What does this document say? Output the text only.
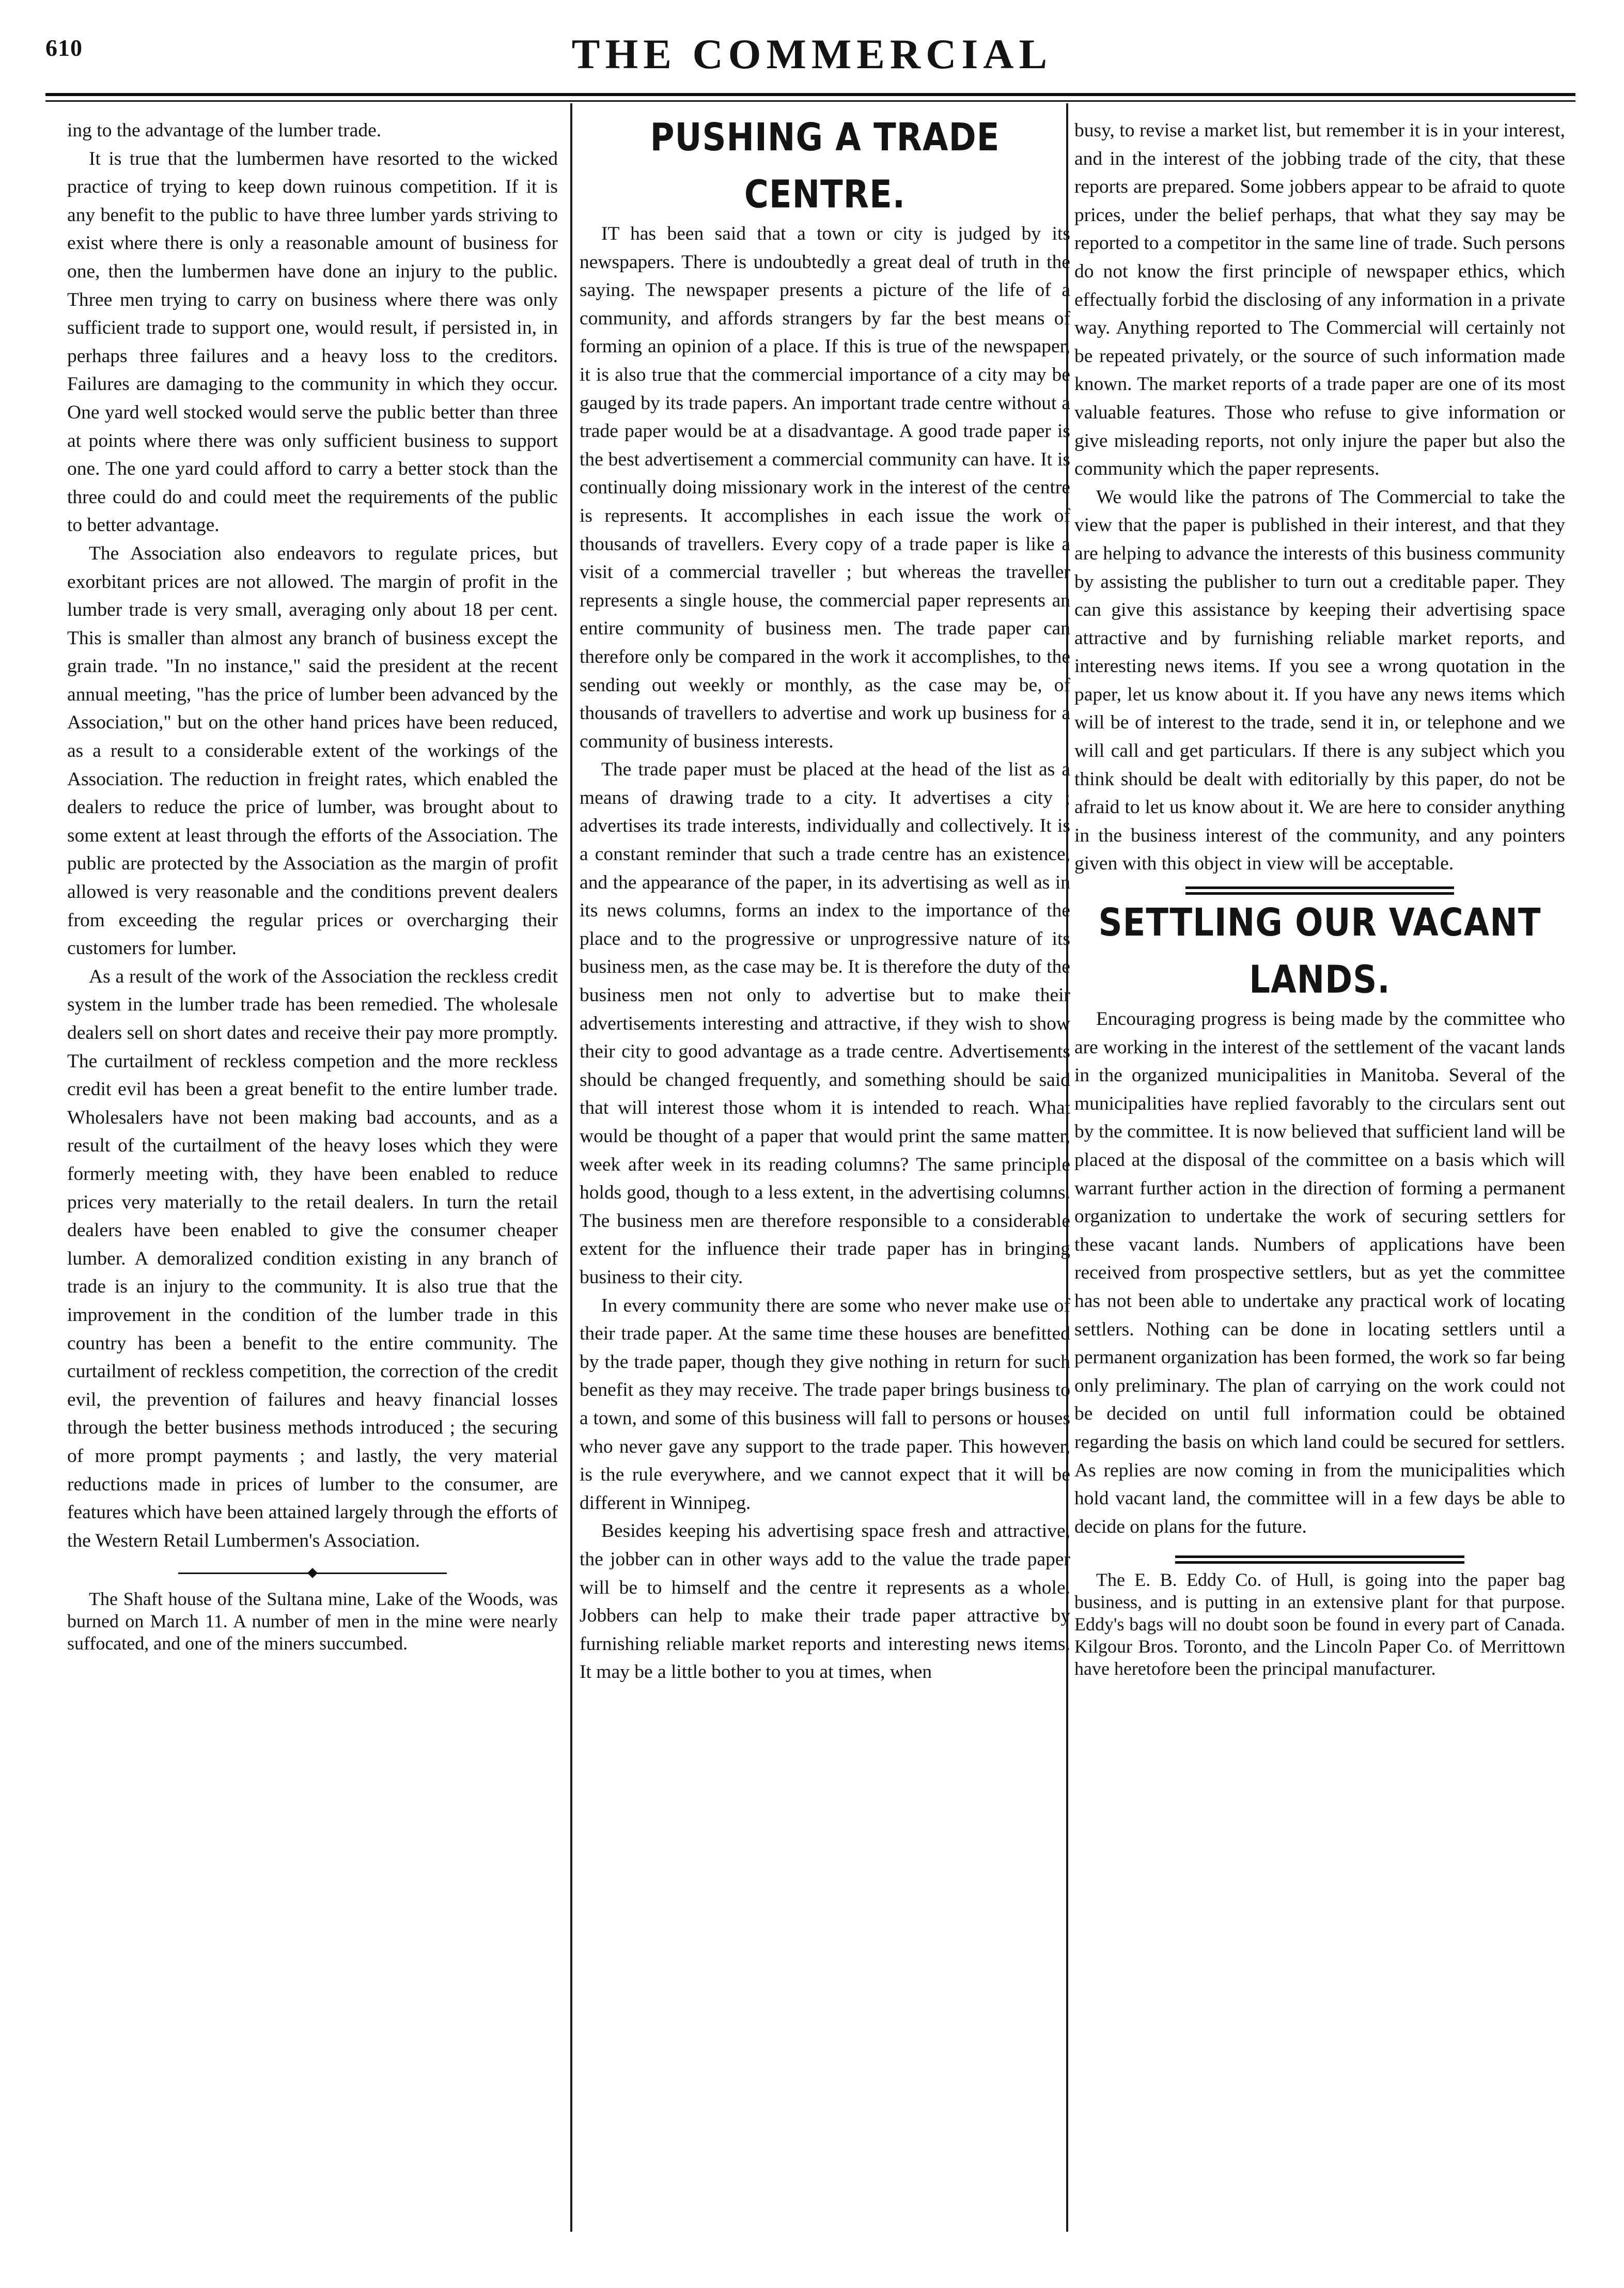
610	THE COMMERCIAL

ing to the advantage of the lumber trade.

It is true that the lumbermen have resorted to the wicked practice of trying to keep down ruinous competition. If it is any benefit to the public to have three lumber yards striving to exist where there is only a reasonable amount of business for one, then the lumbermen have done an injury to the public. Three men trying to carry on business where there was only sufficient trade to support one, would result, if persisted in, in perhaps three failures and a heavy loss to the creditors. Failures are damaging to the community in which they occur. One yard well stocked would serve the public better than three at points where there was only sufficient business to support one. The one yard could afford to carry a better stock than the three could do and could meet the requirements of the public to better advantage.

The Association also endeavors to regulate prices, but exorbitant prices are not allowed. The margin of profit in the lumber trade is very small, averaging only about 18 per cent. This is smaller than almost any branch of business except the grain trade. "In no instance," said the president at the recent annual meeting, "has the price of lumber been advanced by the Association," but on the other hand prices have been reduced, as a result to a considerable extent of the workings of the Association. The reduction in freight rates, which enabled the dealers to reduce the price of lumber, was brought about to some extent at least through the efforts of the Association. The public are protected by the Association as the margin of profit allowed is very reasonable and the conditions prevent dealers from exceeding the regular prices or overcharging their customers for lumber.

As a result of the work of the Association the reckless credit system in the lumber trade has been remedied. The wholesale dealers sell on short dates and receive their pay more promptly. The curtailment of reckless competion and the more reckless credit evil has been a great benefit to the entire lumber trade. Wholesalers have not been making bad accounts, and as a result of the curtailment of the heavy loses which they were formerly meeting with, they have been enabled to reduce prices very materially to the retail dealers. In turn the retail dealers have been enabled to give the consumer cheaper lumber. A demoralized condition existing in any branch of trade is an injury to the community. It is also true that the improvement in the condition of the lumber trade in this country has been a benefit to the entire community. The curtailment of reckless competition, the correction of the credit evil, the prevention of failures and heavy financial losses through the better business methods introduced ; the securing of more prompt payments ; and lastly, the very material reductions made in prices of lumber to the consumer, are features which have been attained largely through the efforts of the Western Retail Lumbermen's Association.

The Shaft house of the Sultana mine, Lake of the Woods, was burned on March 11. A number of men in the mine were nearly suffocated, and one of the miners succumbed.

PUSHING A TRADE CENTRE.

IT has been said that a town or city is judged by its newspapers. There is undoubtedly a great deal of truth in the saying. The newspaper presents a picture of the life of a community, and affords strangers by far the best means of forming an opinion of a place. If this is true of the newspaper, it is also true that the commercial importance of a city may be gauged by its trade papers. An important trade centre without a trade paper would be at a disadvantage. A good trade paper is the best advertisement a commercial community can have. It is continually doing missionary work in the interest of the centre is represents. It accomplishes in each issue the work of thousands of travellers. Every copy of a trade paper is like a visit of a commercial traveller ; but whereas the traveller represents a single house, the commercial paper represents an entire community of business men. The trade paper can therefore only be compared in the work it accomplishes, to the sending out weekly or monthly, as the case may be, of thousands of travellers to advertise and work up business for a community of business interests.

The trade paper must be placed at the head of the list as a means of drawing trade to a city. It advertises a city ; advertises its trade interests, individually and collectively. It is a constant reminder that such a trade centre has an existence, and the appearance of the paper, in its advertising as well as in its news columns, forms an index to the importance of the place and to the progressive or unprogressive nature of its business men, as the case may be. It is therefore the duty of the business men not only to advertise but to make their advertisements interesting and attractive, if they wish to show their city to good advantage as a trade centre. Advertisements should be changed frequently, and something should be said that will interest those whom it is intended to reach. What would be thought of a paper that would print the same matter, week after week in its reading columns? The same principle holds good, though to a less extent, in the advertising columns. The business men are therefore responsible to a considerable extent for the influence their trade paper has in bringing business to their city.

In every community there are some who never make use of their trade paper. At the same time these houses are benefitted by the trade paper, though they give nothing in return for such benefit as they may receive. The trade paper brings business to a town, and some of this business will fall to persons or houses who never gave any support to the trade paper. This however, is the rule everywhere, and we cannot expect that it will be different in Winnipeg.

Besides keeping his advertising space fresh and attractive, the jobber can in other ways add to the value the trade paper will be to himself and the centre it represents as a whole. Jobbers can help to make their trade paper attractive by furnishing reliable market reports and interesting news items. It may be a little bother to you at times, when

busy, to revise a market list, but remember it is in your interest, and in the interest of the jobbing trade of the city, that these reports are prepared. Some jobbers appear to be afraid to quote prices, under the belief perhaps, that what they say may be reported to a competitor in the same line of trade. Such persons do not know the first principle of newspaper ethics, which effectually forbid the disclosing of any information in a private way. Anything reported to The Commercial will certainly not be repeated privately, or the source of such information made known. The market reports of a trade paper are one of its most valuable features. Those who refuse to give information or give misleading reports, not only injure the paper but also the community which the paper represents.

We would like the patrons of The Commercial to take the view that the paper is published in their interest, and that they are helping to advance the interests of this business community by assisting the publisher to turn out a creditable paper. They can give this assistance by keeping their advertising space attractive and by furnishing reliable market reports, and interesting news items. If you see a wrong quotation in the paper, let us know about it. If you have any news items which will be of interest to the trade, send it in, or telephone and we will call and get particulars. If there is any subject which you think should be dealt with editorially by this paper, do not be afraid to let us know about it. We are here to consider anything in the business interest of the community, and any pointers given with this object in view will be acceptable.

SETTLING OUR VACANT LANDS.

Encouraging progress is being made by the committee who are working in the interest of the settlement of the vacant lands in the organized municipalities in Manitoba. Several of the municipalities have replied favorably to the circulars sent out by the committee. It is now believed that sufficient land will be placed at the disposal of the committee on a basis which will warrant further action in the direction of forming a permanent organization to undertake the work of securing settlers for these vacant lands. Numbers of applications have been received from prospective settlers, but as yet the committee has not been able to undertake any practical work of locating settlers. Nothing can be done in locating settlers until a permanent organization has been formed, the work so far being only preliminary. The plan of carrying on the work could not be decided on until full information could be obtained regarding the basis on which land could be secured for settlers. As replies are now coming in from the municipalities which hold vacant land, the committee will in a few days be able to decide on plans for the future.

The E. B. Eddy Co. of Hull, is going into the paper bag business, and is putting in an extensive plant for that purpose. Eddy's bags will no doubt soon be found in every part of Canada. Kilgour Bros. Toronto, and the Lincoln Paper Co. of Merrittown have heretofore been the principal manufacturer.
